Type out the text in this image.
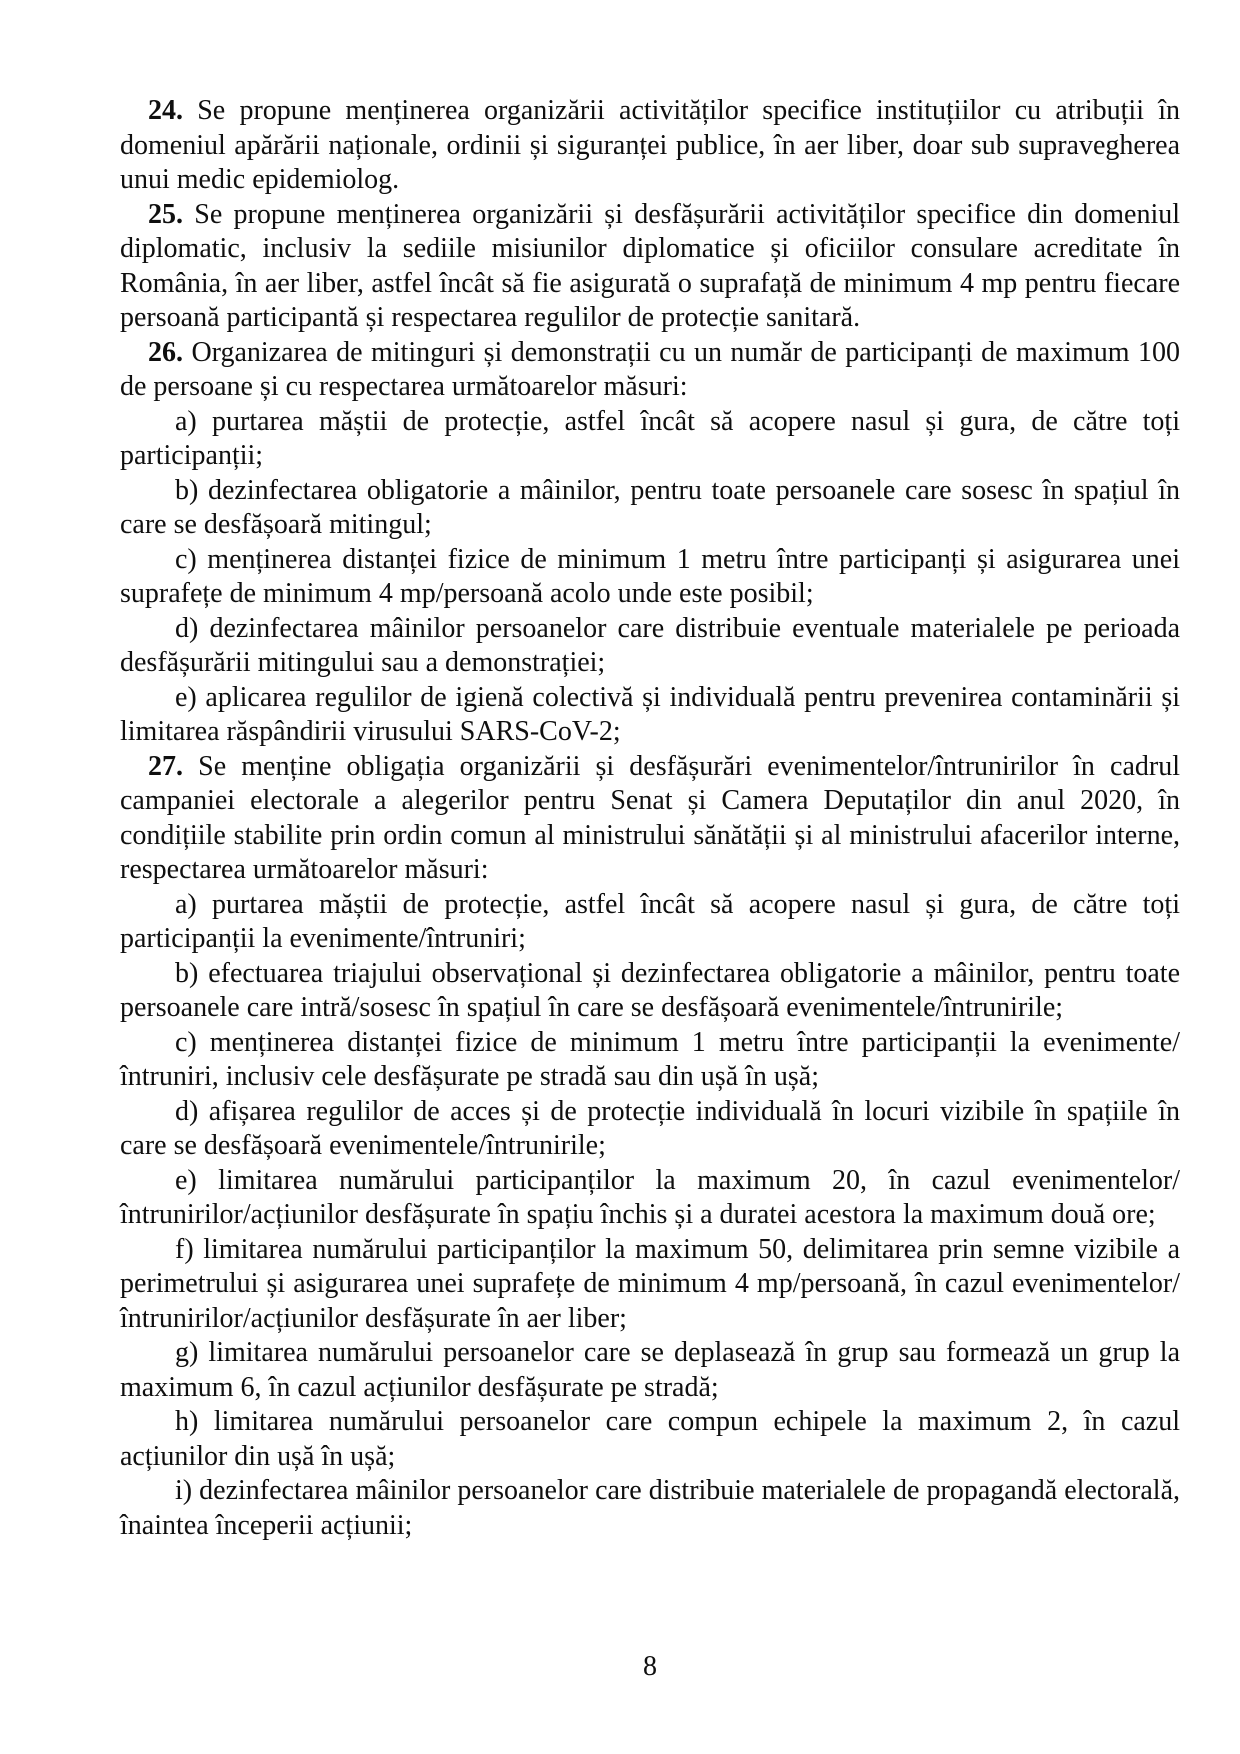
24. Se propune menținerea organizării activităților specifice instituțiilor cu atribuții în domeniul apărării naționale, ordinii și siguranței publice, în aer liber, doar sub supravegherea unui medic epidemiolog.

25. Se propune menținerea organizării și desfășurării activităților specifice din domeniul diplomatic, inclusiv la sediile misiunilor diplomatice și oficiilor consulare acreditate în România, în aer liber, astfel încât să fie asigurată o suprafață de minimum 4 mp pentru fiecare persoană participantă și respectarea regulilor de protecție sanitară.

26. Organizarea de mitinguri și demonstrații cu un număr de participanți de maximum 100 de persoane și cu respectarea următoarelor măsuri:

a) purtarea măștii de protecție, astfel încât să acopere nasul și gura, de către toți participanții;

b) dezinfectarea obligatorie a mâinilor, pentru toate persoanele care sosesc în spațiul în care se desfășoară mitingul;

c) menținerea distanței fizice de minimum 1 metru între participanți și asigurarea unei suprafețe de minimum 4 mp/persoană acolo unde este posibil;

d) dezinfectarea mâinilor persoanelor care distribuie eventuale materialele pe perioada desfășurării mitingului sau a demonstrației;

e) aplicarea regulilor de igienă colectivă și individuală pentru prevenirea contaminării și limitarea răspândirii virusului SARS-CoV-2;

27. Se menține obligația organizării și desfășurări evenimentelor/întrunirilor în cadrul campaniei electorale a alegerilor pentru Senat și Camera Deputaților din anul 2020, în condițiile stabilite prin ordin comun al ministrului sănătății și al ministrului afacerilor interne, respectarea următoarelor măsuri:

a) purtarea măștii de protecție, astfel încât să acopere nasul și gura, de către toți participanții la evenimente/întruniri;

b) efectuarea triajului observațional și dezinfectarea obligatorie a mâinilor, pentru toate persoanele care intră/sosesc în spațiul în care se desfășoară evenimentele/întrunirile;

c) menținerea distanței fizice de minimum 1 metru între participanții la evenimente/întruniri, inclusiv cele desfășurate pe stradă sau din ușă în ușă;

d) afișarea regulilor de acces și de protecție individuală în locuri vizibile în spațiile în care se desfășoară evenimentele/întrunirile;

e) limitarea numărului participanților la maximum 20, în cazul evenimentelor/întrunirilor/acțiunilor desfășurate în spațiu închis și a duratei acestora la maximum două ore;

f) limitarea numărului participanților la maximum 50, delimitarea prin semne vizibile a perimetrului și asigurarea unei suprafețe de minimum 4 mp/persoană, în cazul evenimentelor/ întrunirilor/acțiunilor desfășurate în aer liber;

g) limitarea numărului persoanelor care se deplasează în grup sau formează un grup la maximum 6, în cazul acțiunilor desfășurate pe stradă;

h) limitarea numărului persoanelor care compun echipele la maximum 2, în cazul acțiunilor din ușă în ușă;

i) dezinfectarea mâinilor persoanelor care distribuie materialele de propagandă electorală, înaintea începerii acțiunii;

8
